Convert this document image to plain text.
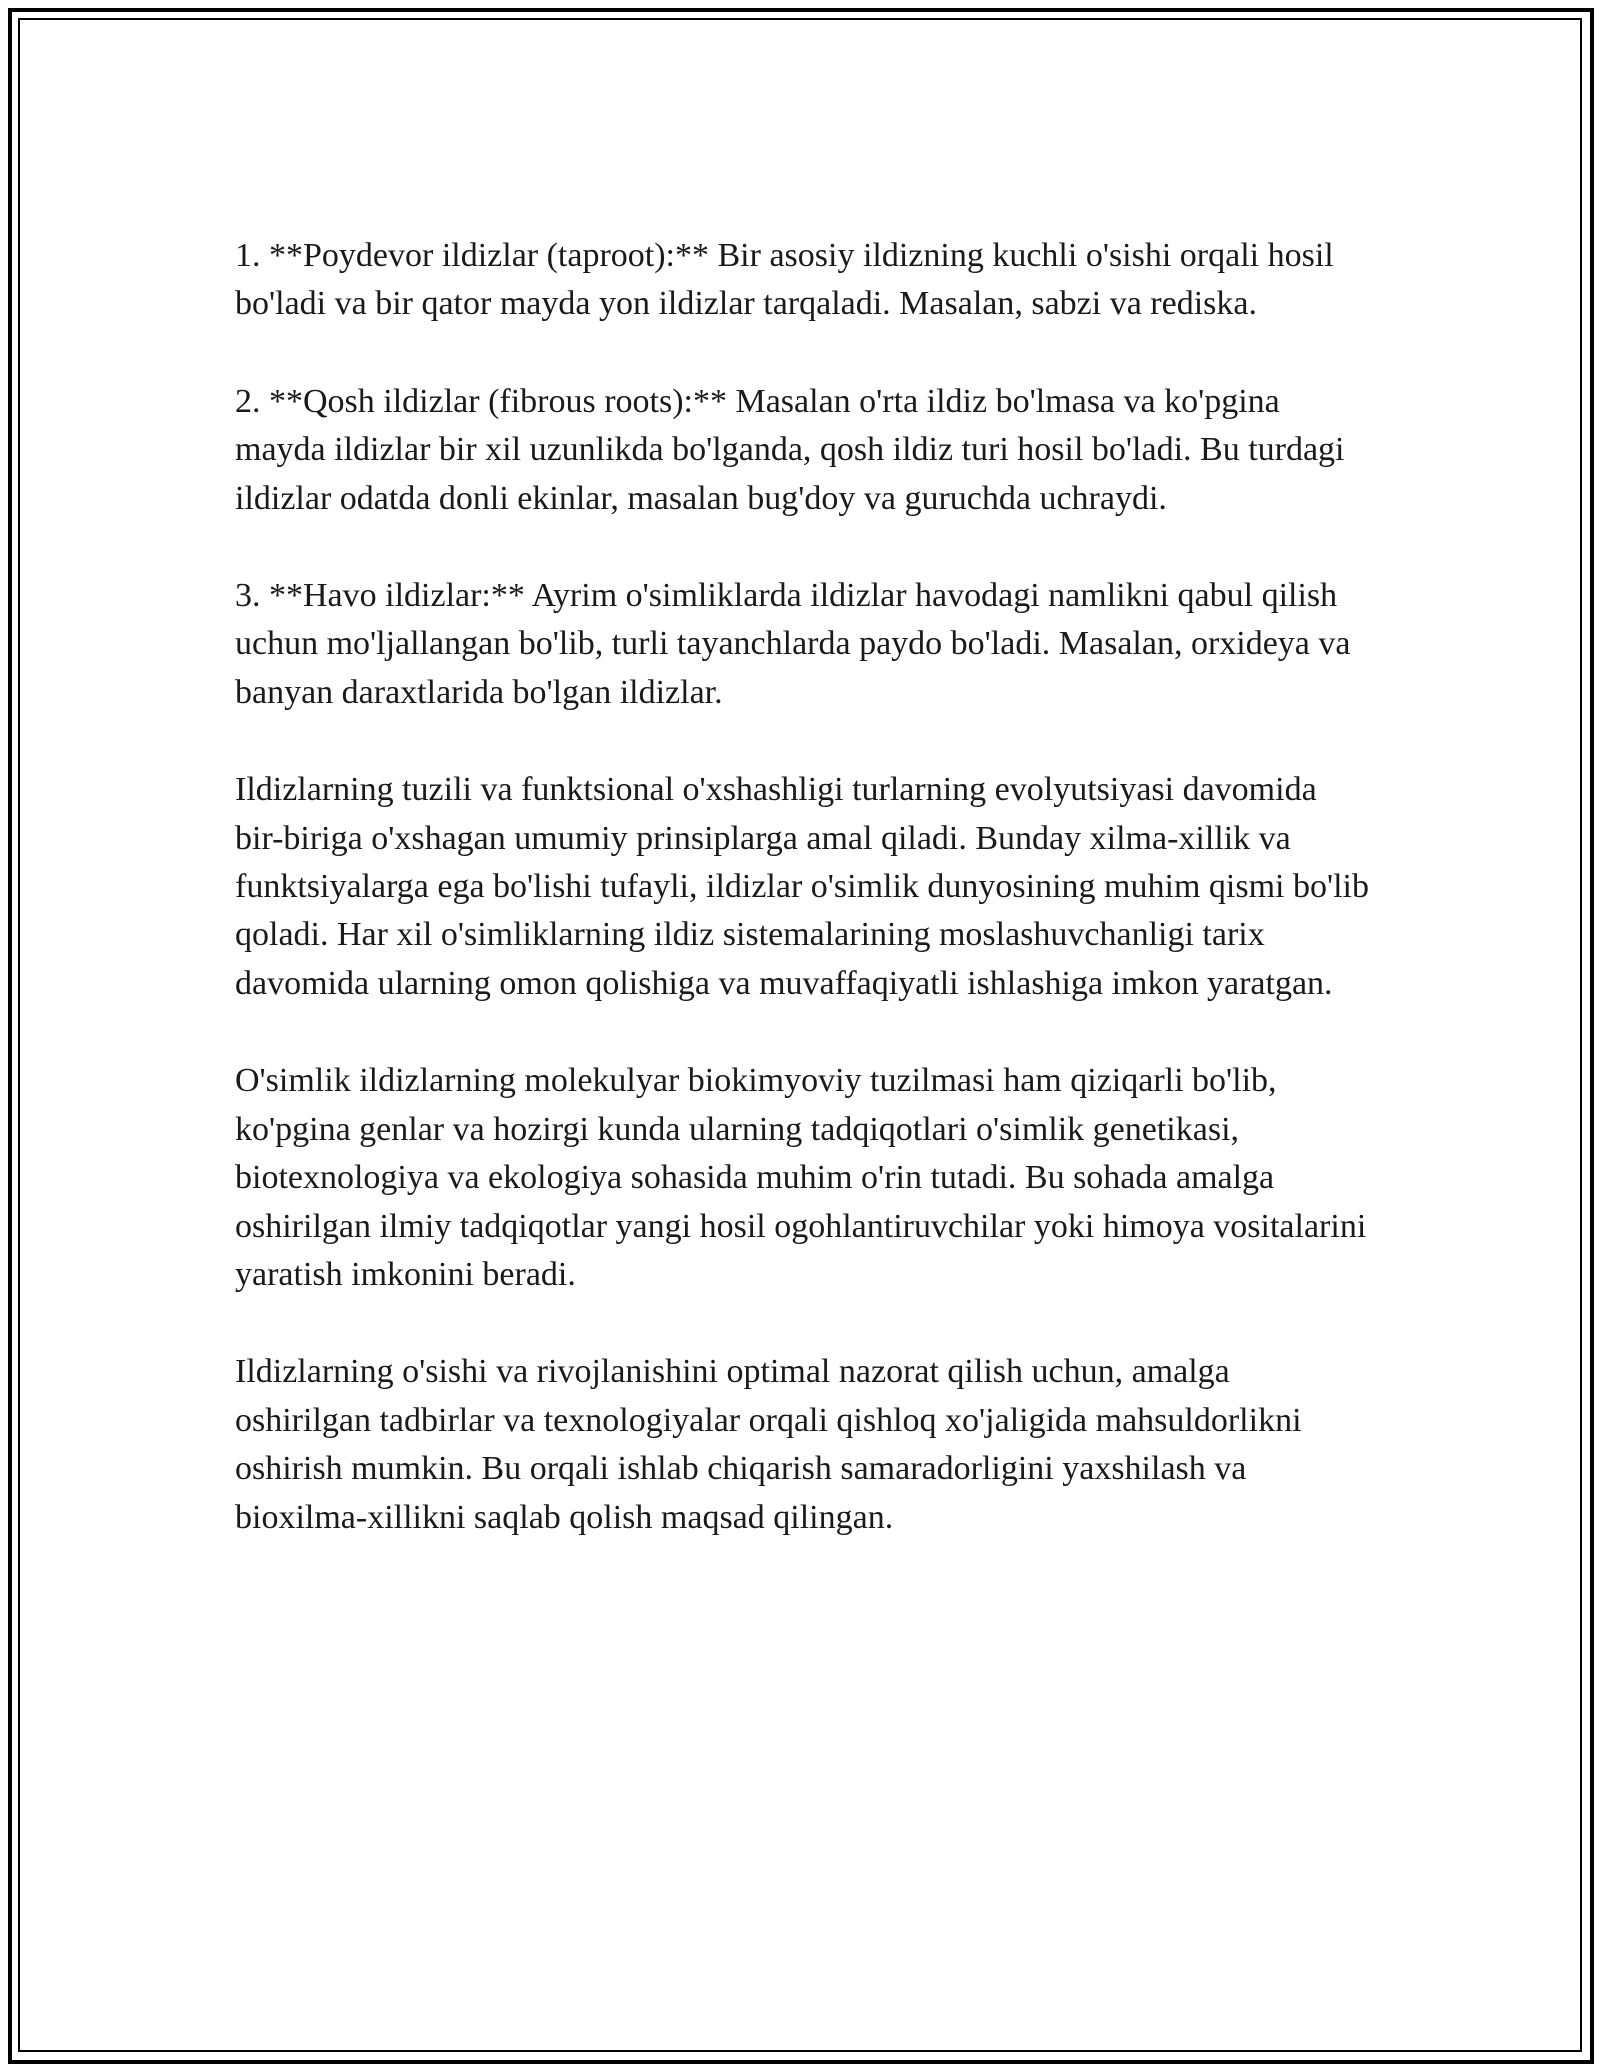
1. **Poydevor ildizlar (taproot):** Bir asosiy ildizning kuchli o'sishi orqali hosil bo'ladi va bir qator mayda yon ildizlar tarqaladi. Masalan, sabzi va rediska.

2. **Qosh ildizlar (fibrous roots):** Masalan o'rta ildiz bo'lmasa va ko'pgina mayda ildizlar bir xil uzunlikda bo'lganda, qosh ildiz turi hosil bo'ladi. Bu turdagi ildizlar odatda donli ekinlar, masalan bug'doy va guruchda uchraydi.

3. **Havo ildizlar:** Ayrim o'simliklarda ildizlar havodagi namlikni qabul qilish uchun mo'ljallangan bo'lib, turli tayanchlarda paydo bo'ladi. Masalan, orxideya va banyan daraxtlarida bo'lgan ildizlar.

Ildizlarning tuzili va funktsional o'xshashligi turlarning evolyutsiyasi davomida bir-biriga o'xshagan umumiy prinsiplarga amal qiladi. Bunday xilma-xillik va funktsiyalarga ega bo'lishi tufayli, ildizlar o'simlik dunyosining muhim qismi bo'lib qoladi. Har xil o'simliklarning ildiz sistemalarining moslashuvchanligi tarix davomida ularning omon qolishiga va muvaffaqiyatli ishlashiga imkon yaratgan.

O'simlik ildizlarning molekulyar biokimyoviy tuzilmasi ham qiziqarli bo'lib, ko'pgina genlar va hozirgi kunda ularning tadqiqotlari o'simlik genetikasi, biotexnologiya va ekologiya sohasida muhim o'rin tutadi. Bu sohada amalga oshirilgan ilmiy tadqiqotlar yangi hosil ogohlantiruvchilar yoki himoya vositalarini yaratish imkonini beradi.

Ildizlarning o'sishi va rivojlanishini optimal nazorat qilish uchun, amalga oshirilgan tadbirlar va texnologiyalar orqali qishloq xo'jaligida mahsuldorlikni oshirish mumkin. Bu orqali ishlab chiqarish samaradorligini yaxshilash va bioxilma-xillikni saqlab qolish maqsad qilingan.
